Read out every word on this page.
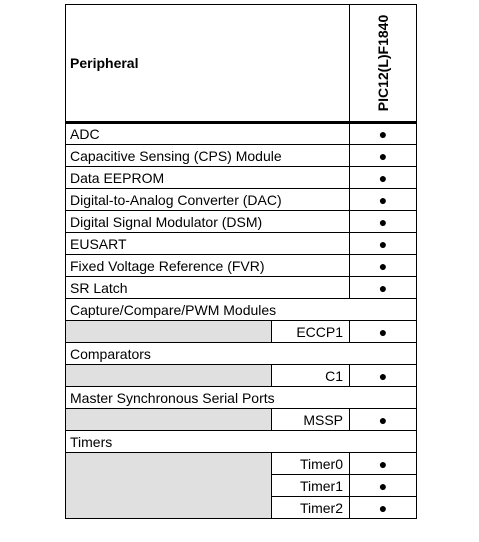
Peripheral		PIC12(L)F1840

ADC		●
Capacitive Sensing (CPS) Module		●
Data EEPROM		●
Digital-to-Analog Converter (DAC)		●
Digital Signal Modulator (DSM)		●
EUSART		●
Fixed Voltage Reference (FVR)		●
SR Latch		●
Capture/Compare/PWM Modules		
	ECCP1	●
Comparators		
	C1	●
Master Synchronous Serial Ports		
	MSSP	●
Timers		
	Timer0	●
	Timer1	●
	Timer2	●
